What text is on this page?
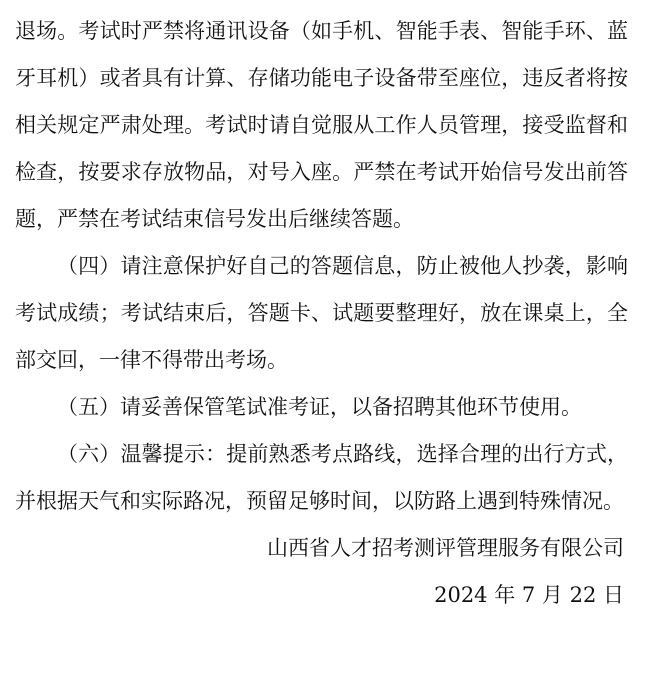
退场。考试时严禁将通讯设备（如手机、智能手表、智能手环、蓝牙耳机）或者具有计算、存储功能电子设备带至座位，违反者将按相关规定严肃处理。考试时请自觉服从工作人员管理，接受监督和检查，按要求存放物品，对号入座。严禁在考试开始信号发出前答题，严禁在考试结束信号发出后继续答题。

（四）请注意保护好自己的答题信息，防止被他人抄袭，影响考试成绩；考试结束后，答题卡、试题要整理好，放在课桌上，全部交回，一律不得带出考场。

（五）请妥善保管笔试准考证，以备招聘其他环节使用。

（六）温馨提示：提前熟悉考点路线，选择合理的出行方式，并根据天气和实际路况，预留足够时间，以防路上遇到特殊情况。

山西省人才招考测评管理服务有限公司

2024 年 7 月 22 日
